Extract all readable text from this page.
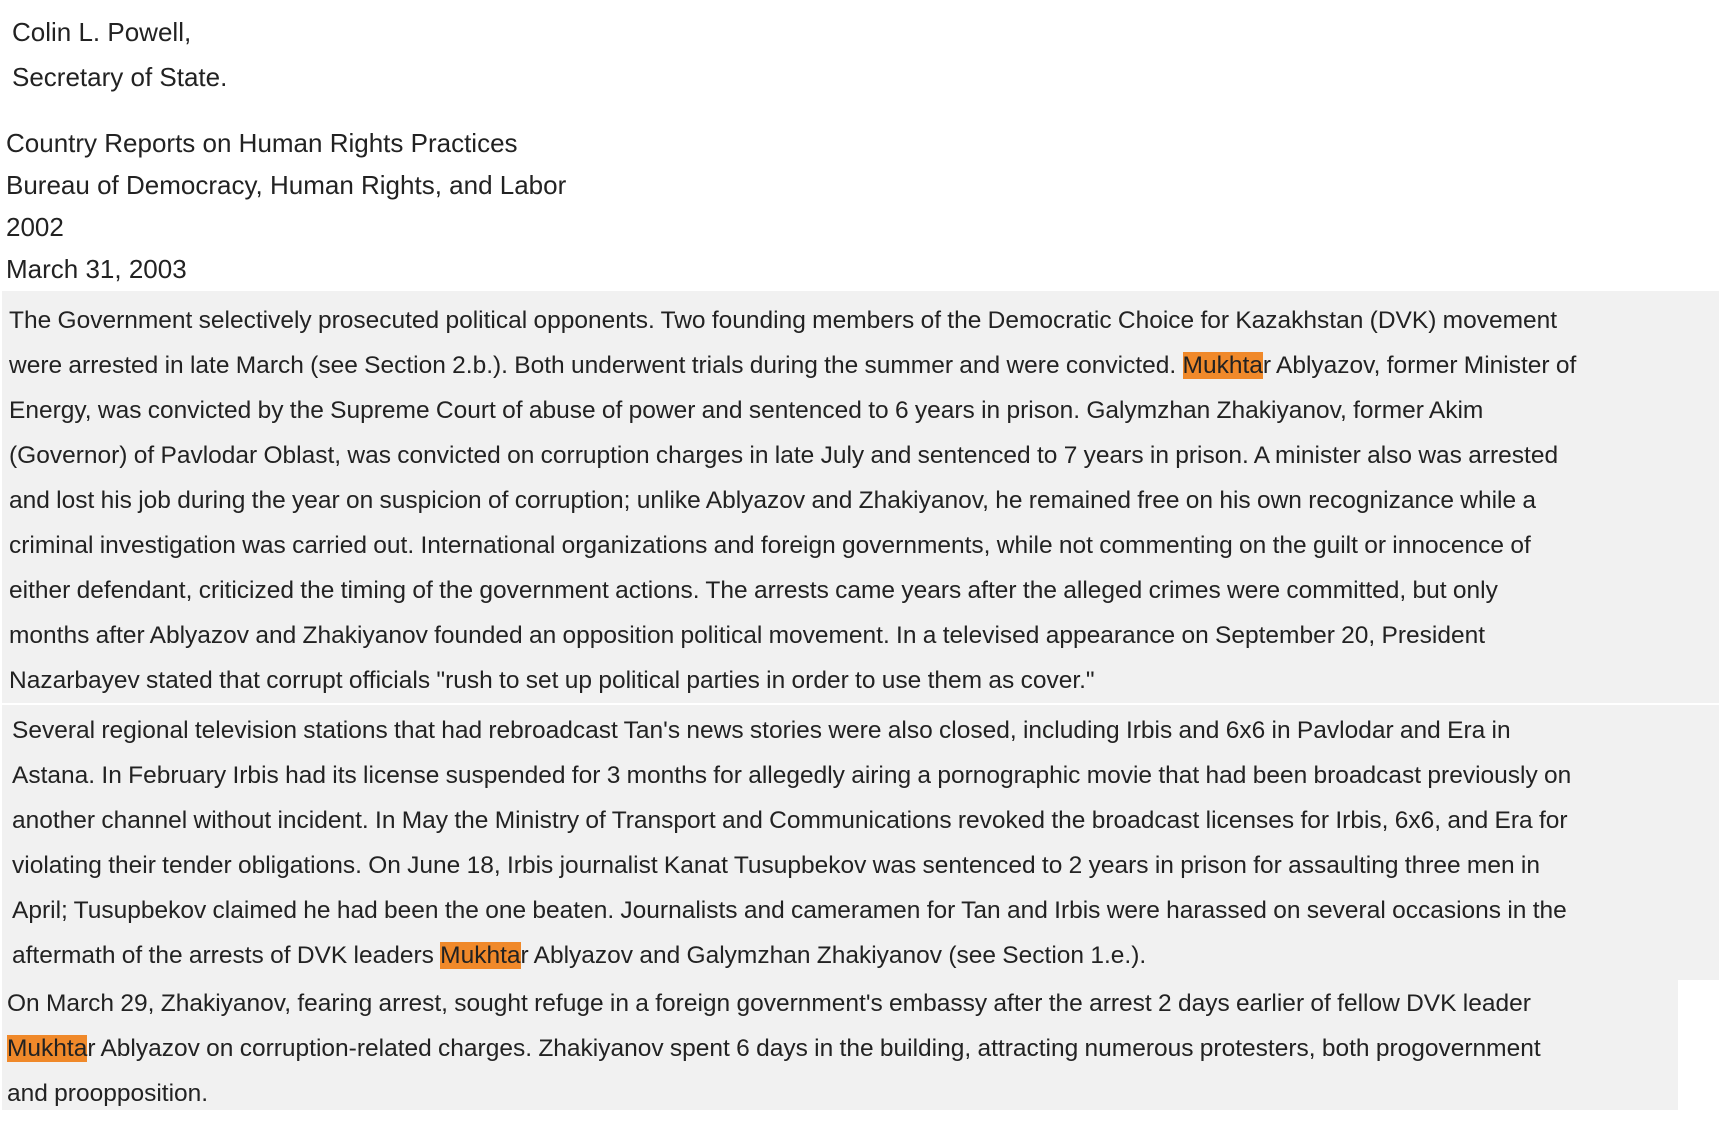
Colin L. Powell,
Secretary of State.
Country Reports on Human Rights Practices
Bureau of Democracy, Human Rights, and Labor
2002
March 31, 2003
The Government selectively prosecuted political opponents. Two founding members of the Democratic Choice for Kazakhstan (DVK) movement
were arrested in late March (see Section 2.b.). Both underwent trials during the summer and were convicted. Mukhtar Ablyazov, former Minister of
Energy, was convicted by the Supreme Court of abuse of power and sentenced to 6 years in prison. Galymzhan Zhakiyanov, former Akim
(Governor) of Pavlodar Oblast, was convicted on corruption charges in late July and sentenced to 7 years in prison. A minister also was arrested
and lost his job during the year on suspicion of corruption; unlike Ablyazov and Zhakiyanov, he remained free on his own recognizance while a
criminal investigation was carried out. International organizations and foreign governments, while not commenting on the guilt or innocence of
either defendant, criticized the timing of the government actions. The arrests came years after the alleged crimes were committed, but only
months after Ablyazov and Zhakiyanov founded an opposition political movement. In a televised appearance on September 20, President
Nazarbayev stated that corrupt officials "rush to set up political parties in order to use them as cover."
Several regional television stations that had rebroadcast Tan's news stories were also closed, including Irbis and 6x6 in Pavlodar and Era in
Astana. In February Irbis had its license suspended for 3 months for allegedly airing a pornographic movie that had been broadcast previously on
another channel without incident. In May the Ministry of Transport and Communications revoked the broadcast licenses for Irbis, 6x6, and Era for
violating their tender obligations. On June 18, Irbis journalist Kanat Tusupbekov was sentenced to 2 years in prison for assaulting three men in
April; Tusupbekov claimed he had been the one beaten. Journalists and cameramen for Tan and Irbis were harassed on several occasions in the
aftermath of the arrests of DVK leaders Mukhtar Ablyazov and Galymzhan Zhakiyanov (see Section 1.e.).
On March 29, Zhakiyanov, fearing arrest, sought refuge in a foreign government's embassy after the arrest 2 days earlier of fellow DVK leader
Mukhtar Ablyazov on corruption-related charges. Zhakiyanov spent 6 days in the building, attracting numerous protesters, both progovernment
and proopposition.
